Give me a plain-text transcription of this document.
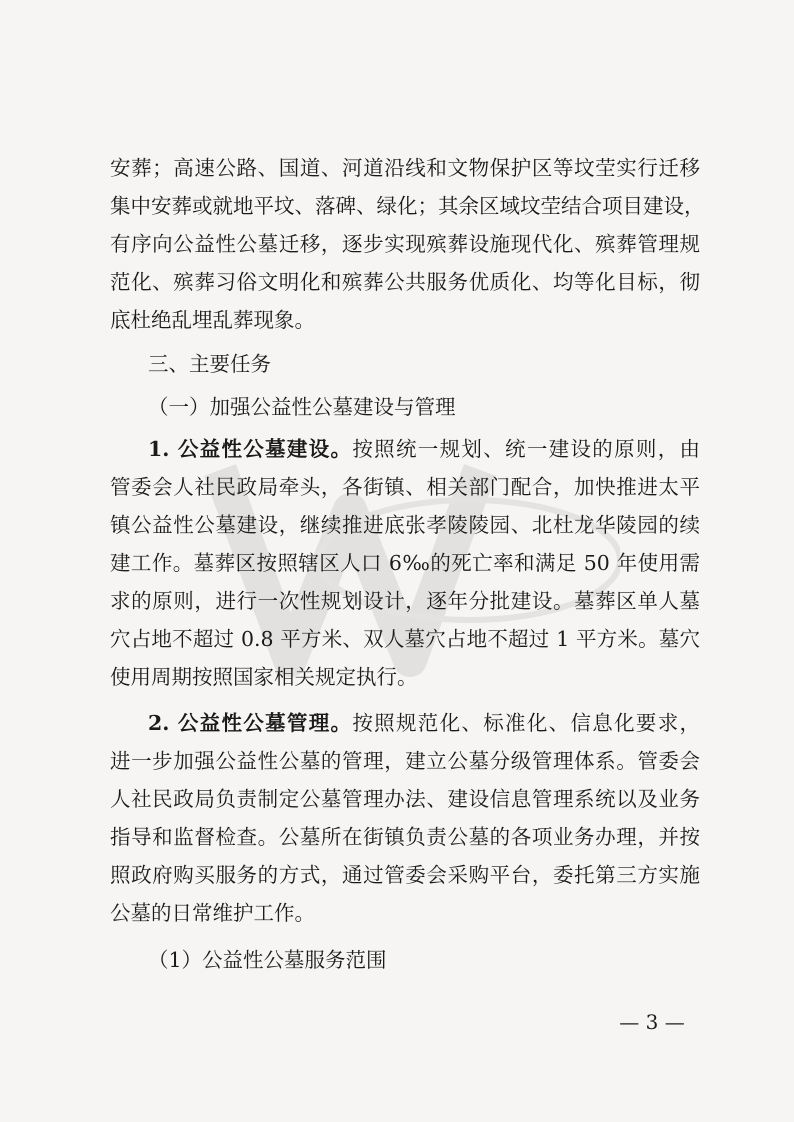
安葬；高速公路、国道、河道沿线和文物保护区等坟茔实行迁移
集中安葬或就地平坟、落碑、绿化；其余区域坟茔结合项目建设，
有序向公益性公墓迁移，逐步实现殡葬设施现代化、殡葬管理规
范化、殡葬习俗文明化和殡葬公共服务优质化、均等化目标，彻
底杜绝乱埋乱葬现象。
三、主要任务
（一）加强公益性公墓建设与管理
1. 公益性公墓建设。按照统一规划、统一建设的原则，由
管委会人社民政局牵头，各街镇、相关部门配合，加快推进太平
镇公益性公墓建设，继续推进底张孝陵陵园、北杜龙华陵园的续
建工作。墓葬区按照辖区人口 6‰的死亡率和满足 50 年使用需
求的原则，进行一次性规划设计，逐年分批建设。墓葬区单人墓
穴占地不超过 0.8 平方米、双人墓穴占地不超过 1 平方米。墓穴
使用周期按照国家相关规定执行。
2. 公益性公墓管理。按照规范化、标准化、信息化要求，
进一步加强公益性公墓的管理，建立公墓分级管理体系。管委会
人社民政局负责制定公墓管理办法、建设信息管理系统以及业务
指导和监督检查。公墓所在街镇负责公墓的各项业务办理，并按
照政府购买服务的方式，通过管委会采购平台，委托第三方实施
公墓的日常维护工作。
（1）公益性公墓服务范围
— 3 —
